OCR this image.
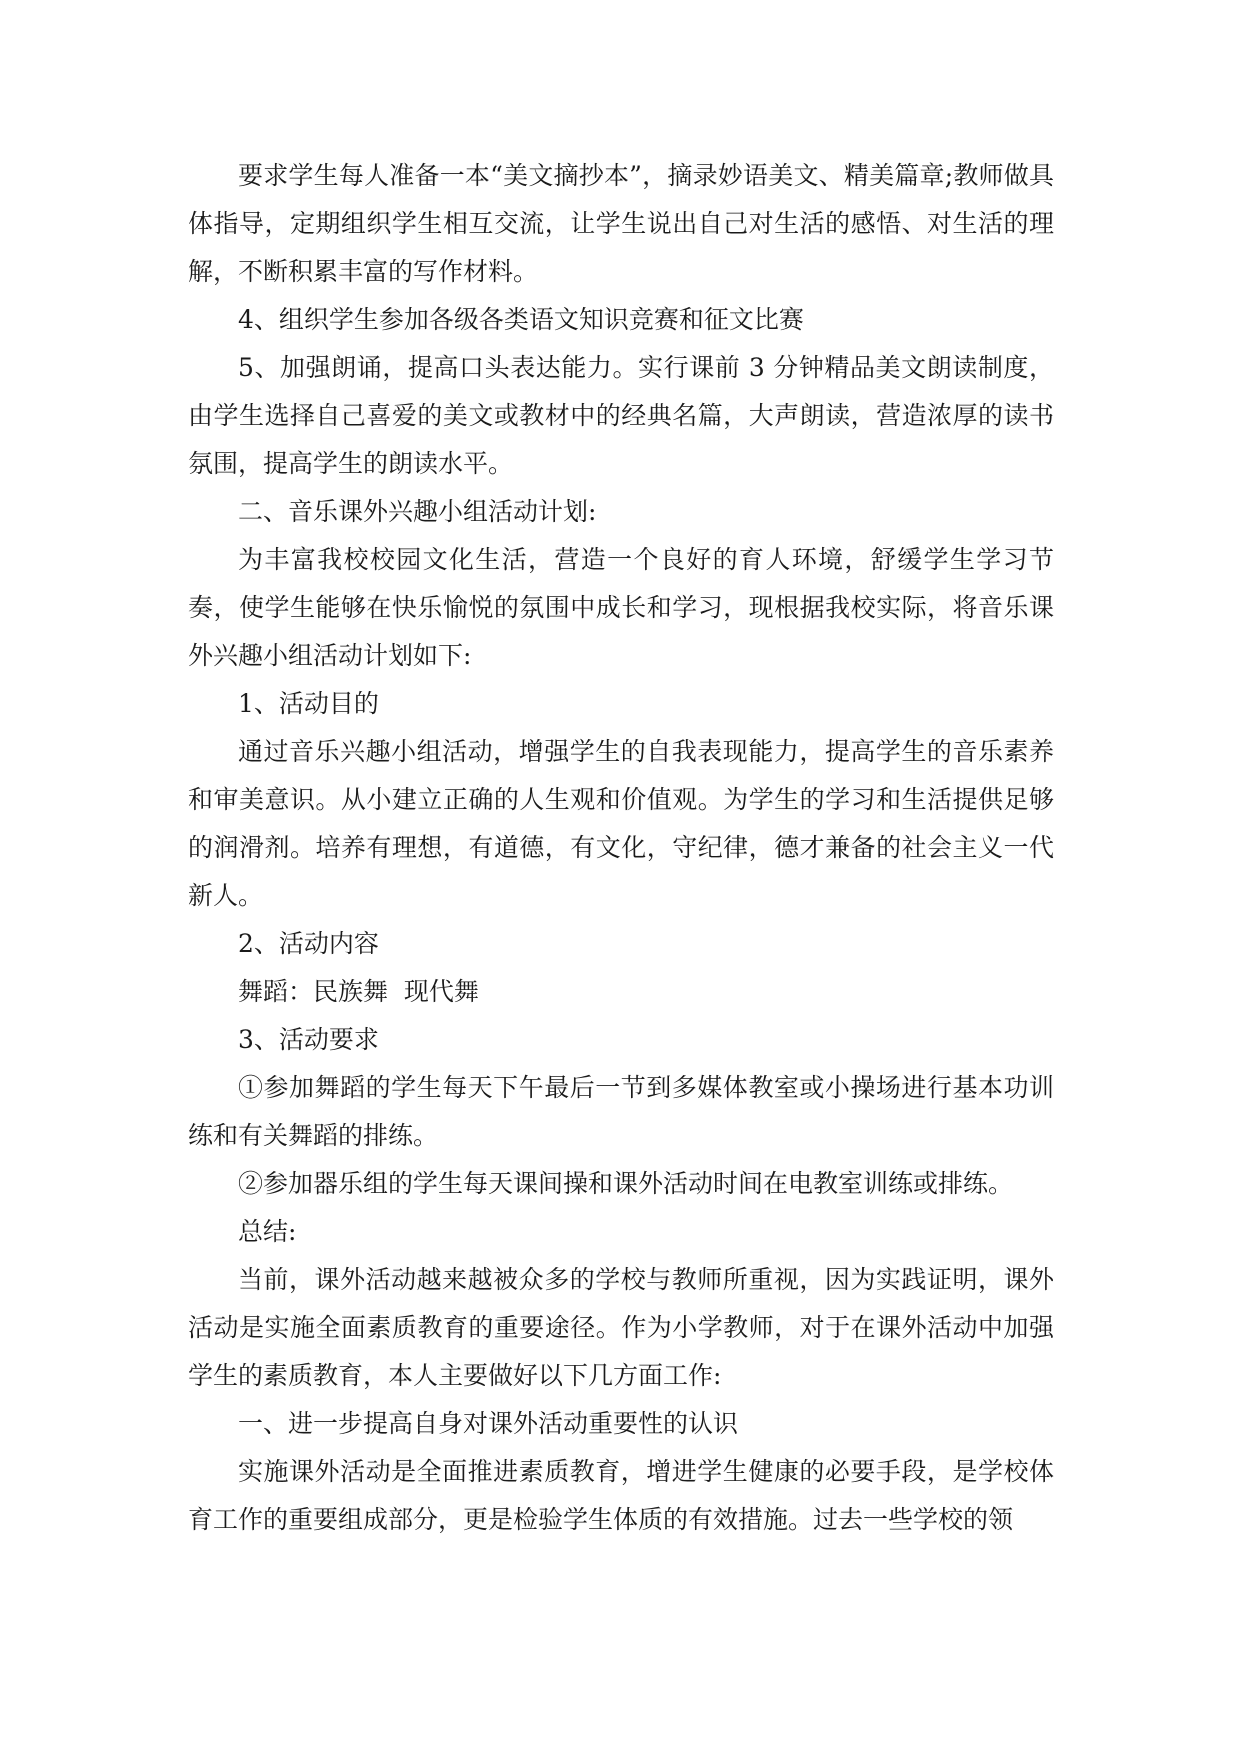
要求学生每人准备一本“美文摘抄本”，摘录妙语美文、精美篇章;教师做具体指导，定期组织学生相互交流，让学生说出自己对生活的感悟、对生活的理解，不断积累丰富的写作材料。

4、组织学生参加各级各类语文知识竞赛和征文比赛

5、加强朗诵，提高口头表达能力。实行课前 3 分钟精品美文朗读制度，由学生选择自己喜爱的美文或教材中的经典名篇，大声朗读，营造浓厚的读书氛围，提高学生的朗读水平。

二、音乐课外兴趣小组活动计划:

为丰富我校校园文化生活，营造一个良好的育人环境，舒缓学生学习节奏，使学生能够在快乐愉悦的氛围中成长和学习，现根据我校实际，将音乐课外兴趣小组活动计划如下:

1、活动目的

通过音乐兴趣小组活动，增强学生的自我表现能力，提高学生的音乐素养和审美意识。从小建立正确的人生观和价值观。为学生的学习和生活提供足够的润滑剂。培养有理想，有道德，有文化，守纪律，德才兼备的社会主义一代新人。

2、活动内容

舞蹈：民族舞  现代舞

3、活动要求

①参加舞蹈的学生每天下午最后一节到多媒体教室或小操场进行基本功训练和有关舞蹈的排练。

②参加器乐组的学生每天课间操和课外活动时间在电教室训练或排练。

总结:

当前，课外活动越来越被众多的学校与教师所重视，因为实践证明，课外活动是实施全面素质教育的重要途径。作为小学教师，对于在课外活动中加强学生的素质教育，本人主要做好以下几方面工作:

一、进一步提高自身对课外活动重要性的认识

实施课外活动是全面推进素质教育，增进学生健康的必要手段，是学校体育工作的重要组成部分，更是检验学生体质的有效措施。过去一些学校的领
